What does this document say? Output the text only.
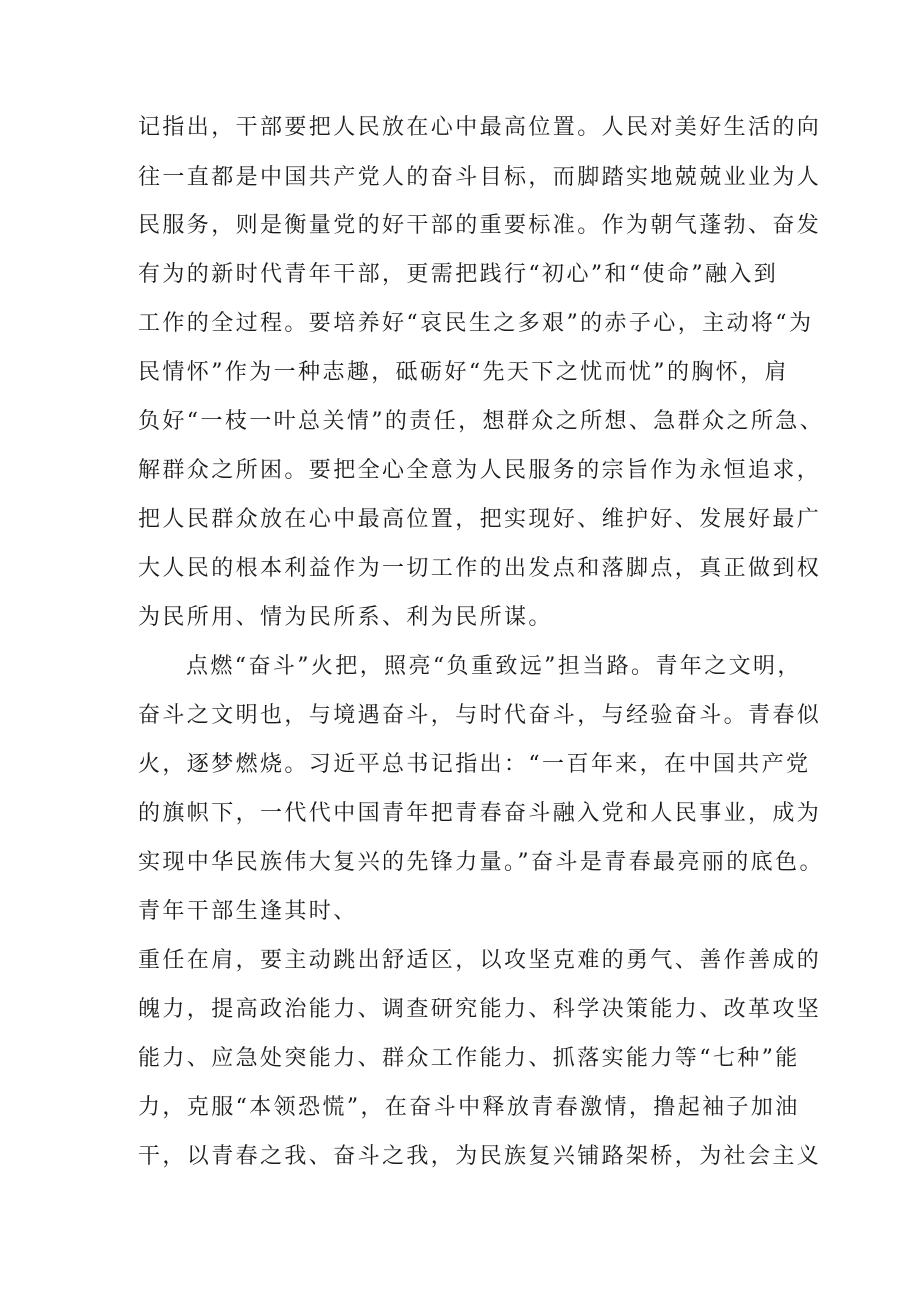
记指出，干部要把人民放在心中最高位置。人民对美好生活的向
往一直都是中国共产党人的奋斗目标，而脚踏实地兢兢业业为人
民服务，则是衡量党的好干部的重要标准。作为朝气蓬勃、奋发
有为的新时代青年干部，更需把践行“初心”和“使命”融入到
工作的全过程。要培养好“哀民生之多艰”的赤子心，主动将“为
民情怀”作为一种志趣，砥砺好“先天下之忧而忧”的胸怀，肩
负好“一枝一叶总关情”的责任，想群众之所想、急群众之所急、
解群众之所困。要把全心全意为人民服务的宗旨作为永恒追求，
把人民群众放在心中最高位置，把实现好、维护好、发展好最广
大人民的根本利益作为一切工作的出发点和落脚点，真正做到权
为民所用、情为民所系、利为民所谋。
点燃“奋斗”火把，照亮“负重致远”担当路。青年之文明，
奋斗之文明也，与境遇奋斗，与时代奋斗，与经验奋斗。青春似
火，逐梦燃烧。习近平总书记指出：“一百年来，在中国共产党
的旗帜下，一代代中国青年把青春奋斗融入党和人民事业，成为
实现中华民族伟大复兴的先锋力量。”奋斗是青春最亮丽的底色。
青年干部生逢其时、
重任在肩，要主动跳出舒适区，以攻坚克难的勇气、善作善成的
魄力，提高政治能力、调查研究能力、科学决策能力、改革攻坚
能力、应急处突能力、群众工作能力、抓落实能力等“七种”能
力，克服“本领恐慌”，在奋斗中释放青春激情，撸起袖子加油
干，以青春之我、奋斗之我，为民族复兴铺路架桥，为社会主义
